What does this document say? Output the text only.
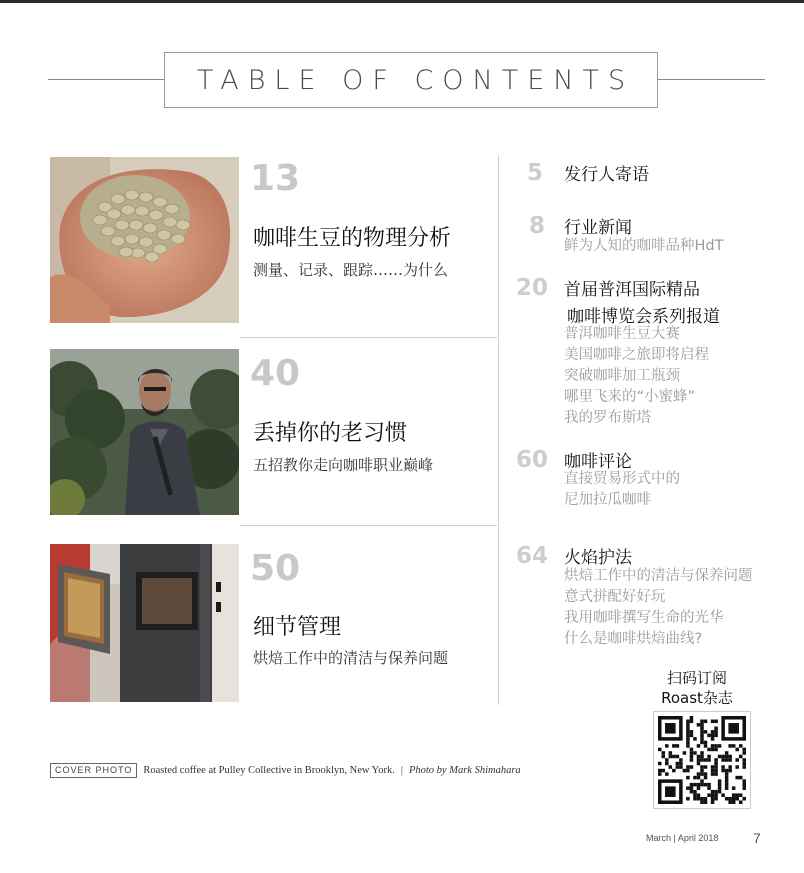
TABLE OF CONTENTS
13
咖啡生豆的物理分析
测量、记录、跟踪……为什么
40
丢掉你的老习惯
五招教你走向咖啡职业巅峰
50
细节管理
烘焙工作中的清洁与保养问题
5 发行人寄语
8 行业新闻
鲜为人知的咖啡品种HdT
20 首届普洱国际精品
咖啡博览会系列报道
普洱咖啡生豆大赛
美国咖啡之旅即将启程
突破咖啡加工瓶颈
哪里飞来的“小蜜蜂”
我的罗布斯塔
60 咖啡评论
直接贸易形式中的
尼加拉瓜咖啡
64 火焰护法
烘焙工作中的清洁与保养问题
意式拼配好好玩
我用咖啡撰写生命的光华
什么是咖啡烘焙曲线?
扫码订阅
Roast杂志
COVER PHOTO	Roasted coffee at Pulley Collective in Brooklyn, New York. | Photo by Mark Shimahara
March | April 2018 7
